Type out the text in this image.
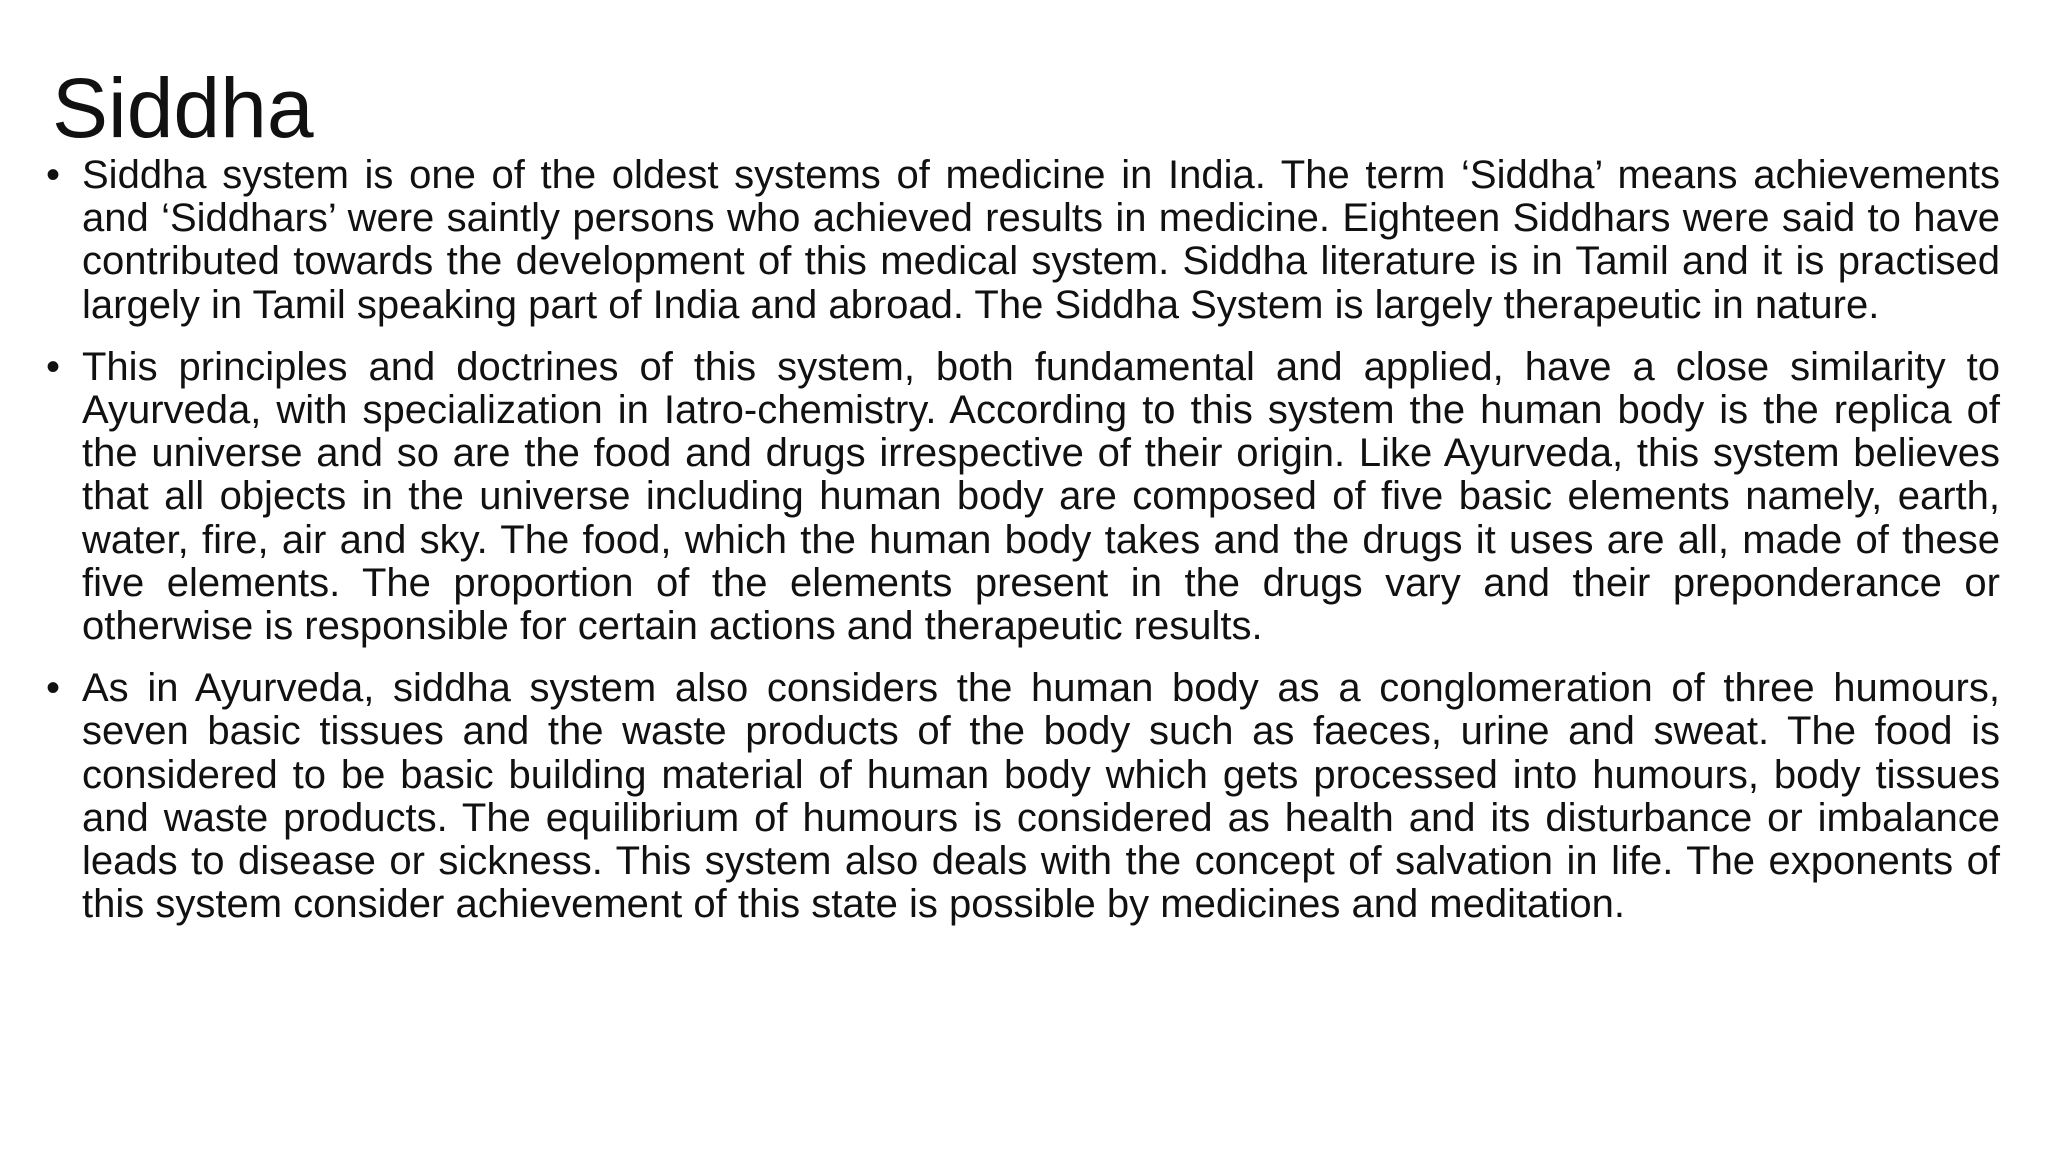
Siddha
• Siddha system is one of the oldest systems of medicine in India. The term ‘Siddha’ means achievements and ‘Siddhars’ were saintly persons who achieved results in medicine. Eighteen Siddhars were said to have contributed towards the development of this medical system. Siddha literature is in Tamil and it is practised largely in Tamil speaking part of India and abroad. The Siddha System is largely therapeutic in nature.

• This principles and doctrines of this system, both fundamental and applied, have a close similarity to Ayurveda, with specialization in Iatro-chemistry. According to this system the human body is the replica of the universe and so are the food and drugs irrespective of their origin. Like Ayurveda, this system believes that all objects in the universe including human body are composed of five basic elements namely, earth, water, fire, air and sky. The food, which the human body takes and the drugs it uses are all, made of these five elements. The proportion of the elements present in the drugs vary and their preponderance or otherwise is responsible for certain actions and therapeutic results.

• As in Ayurveda, siddha system also considers the human body as a conglomeration of three humours, seven basic tissues and the waste products of the body such as faeces, urine and sweat. The food is considered to be basic building material of human body which gets processed into humours, body tissues and waste products. The equilibrium of humours is considered as health and its disturbance or imbalance leads to disease or sickness. This system also deals with the concept of salvation in life. The exponents of this system consider achievement of this state is possible by medicines and meditation.
